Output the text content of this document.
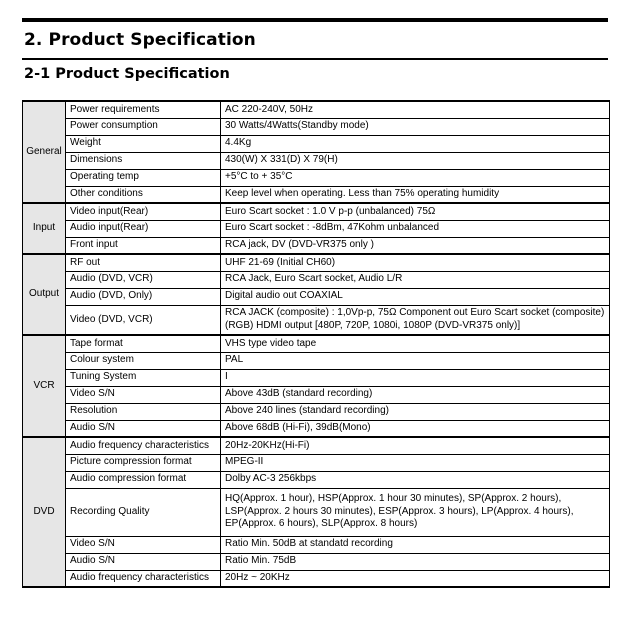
2. Product Specification
2-1 Product Specification
General	Power requirements	AC 220-240V, 50Hz
	Power consumption	30 Watts/4Watts(Standby mode)
	Weight	4.4Kg
	Dimensions	430(W) X 331(D) X 79(H)
	Operating temp	+5°C to + 35°C
	Other conditions	Keep level when operating. Less than 75% operating humidity
Input	Video input(Rear)	Euro Scart socket : 1.0 V p-p (unbalanced) 75Ω
	Audio input(Rear)	Euro Scart socket : -8dBm, 47Kohm unbalanced
	Front input	RCA jack, DV (DVD-VR375 only )
Output	RF out	UHF 21-69 (Initial CH60)
	Audio (DVD, VCR)	RCA Jack, Euro Scart socket, Audio L/R
	Audio (DVD, Only)	Digital audio out COAXIAL
	Video (DVD, VCR)	RCA JACK (composite) : 1,0Vp-p, 75Ω Component out Euro Scart socket (composite) (RGB) HDMI output [480P, 720P, 1080i, 1080P (DVD-VR375 only)]
VCR	Tape format	VHS type video tape
	Colour system	PAL
	Tuning System	I
	Video S/N	Above 43dB (standard recording)
	Resolution	Above 240 lines (standard recording)
	Audio S/N	Above 68dB (Hi-Fi), 39dB(Mono)
DVD	Audio frequency characteristics	20Hz-20KHz(Hi-Fi)
	Picture compression format	MPEG-II
	Audio compression format	Dolby AC-3 256kbps
	Recording Quality	HQ(Approx. 1 hour), HSP(Approx. 1 hour 30 minutes), SP(Approx. 2 hours), LSP(Approx. 2 hours 30 minutes), ESP(Approx. 3 hours), LP(Approx. 4 hours), EP(Approx. 6 hours), SLP(Approx. 8 hours)
	Video S/N	Ratio Min. 50dB at standatd recording
	Audio S/N	Ratio Min. 75dB
	Audio frequency characteristics	20Hz ~ 20KHz
